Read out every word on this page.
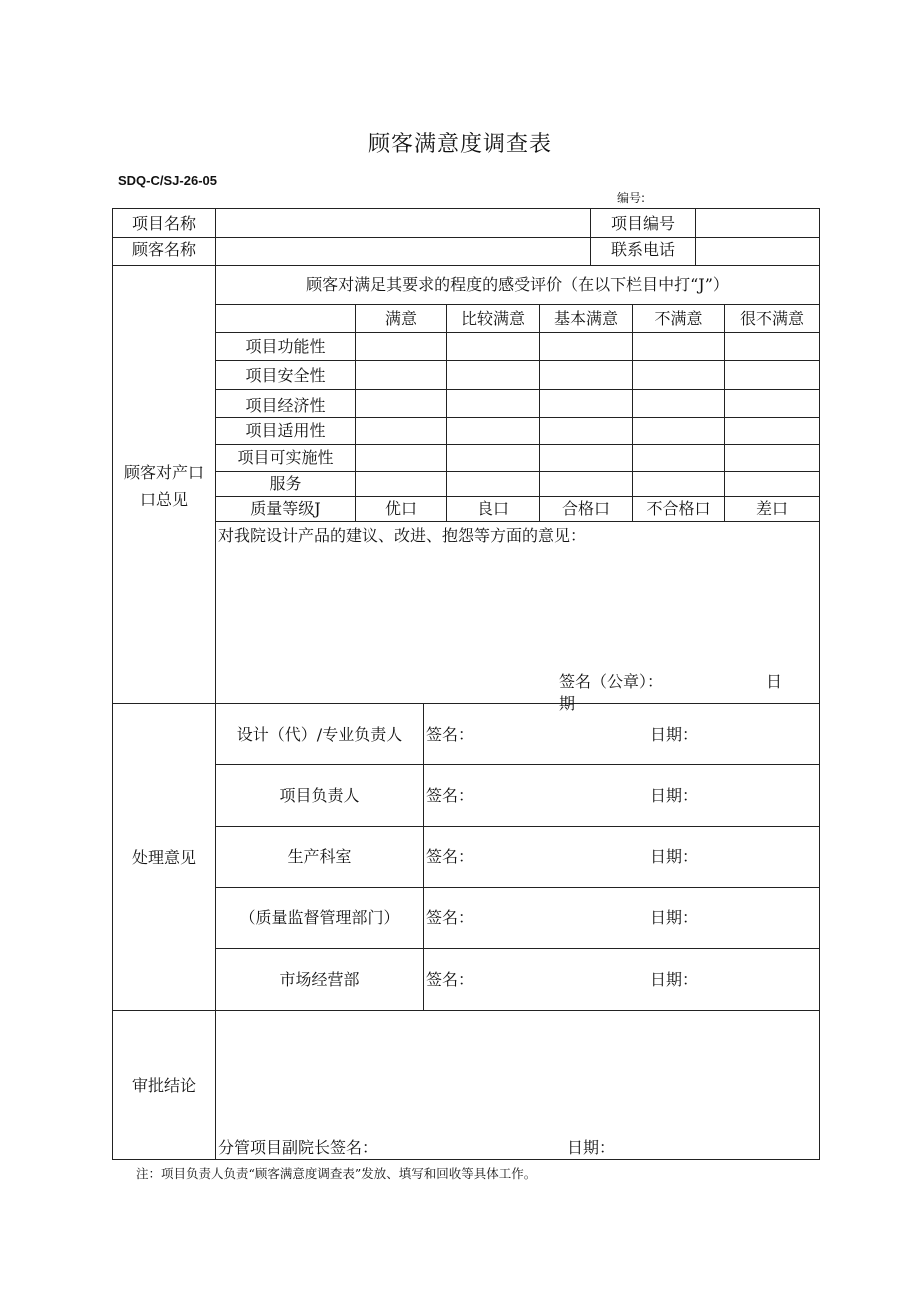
顾客满意度调查表
SDQ-C/SJ-26-05
编号:
项目名称	项目编号
顾客名称	联系电话
顾客对产口
口总见
顾客对满足其要求的程度的感受评价（在以下栏目中打“J”）
满意	比较满意	基本满意	不满意	很不满意
项目功能性
项目安全性
项目经济性
项目适用性
项目可实施性
服务
质量等级J	优口	良口	合格口	不合格口	差口
对我院设计产品的建议、改进、抱怨等方面的意见：
签名（公章）：	日
期
处理意见
设计（代）/专业负责人	签名：	日期：
项目负责人	签名：	日期：
生产科室	签名：	日期：
（质量监督管理部门）	签名：	日期：
市场经营部	签名：	日期：
审批结论
分管项目副院长签名：	日期：
注：项目负责人负责“顾客满意度调查表”发放、填写和回收等具体工作。
